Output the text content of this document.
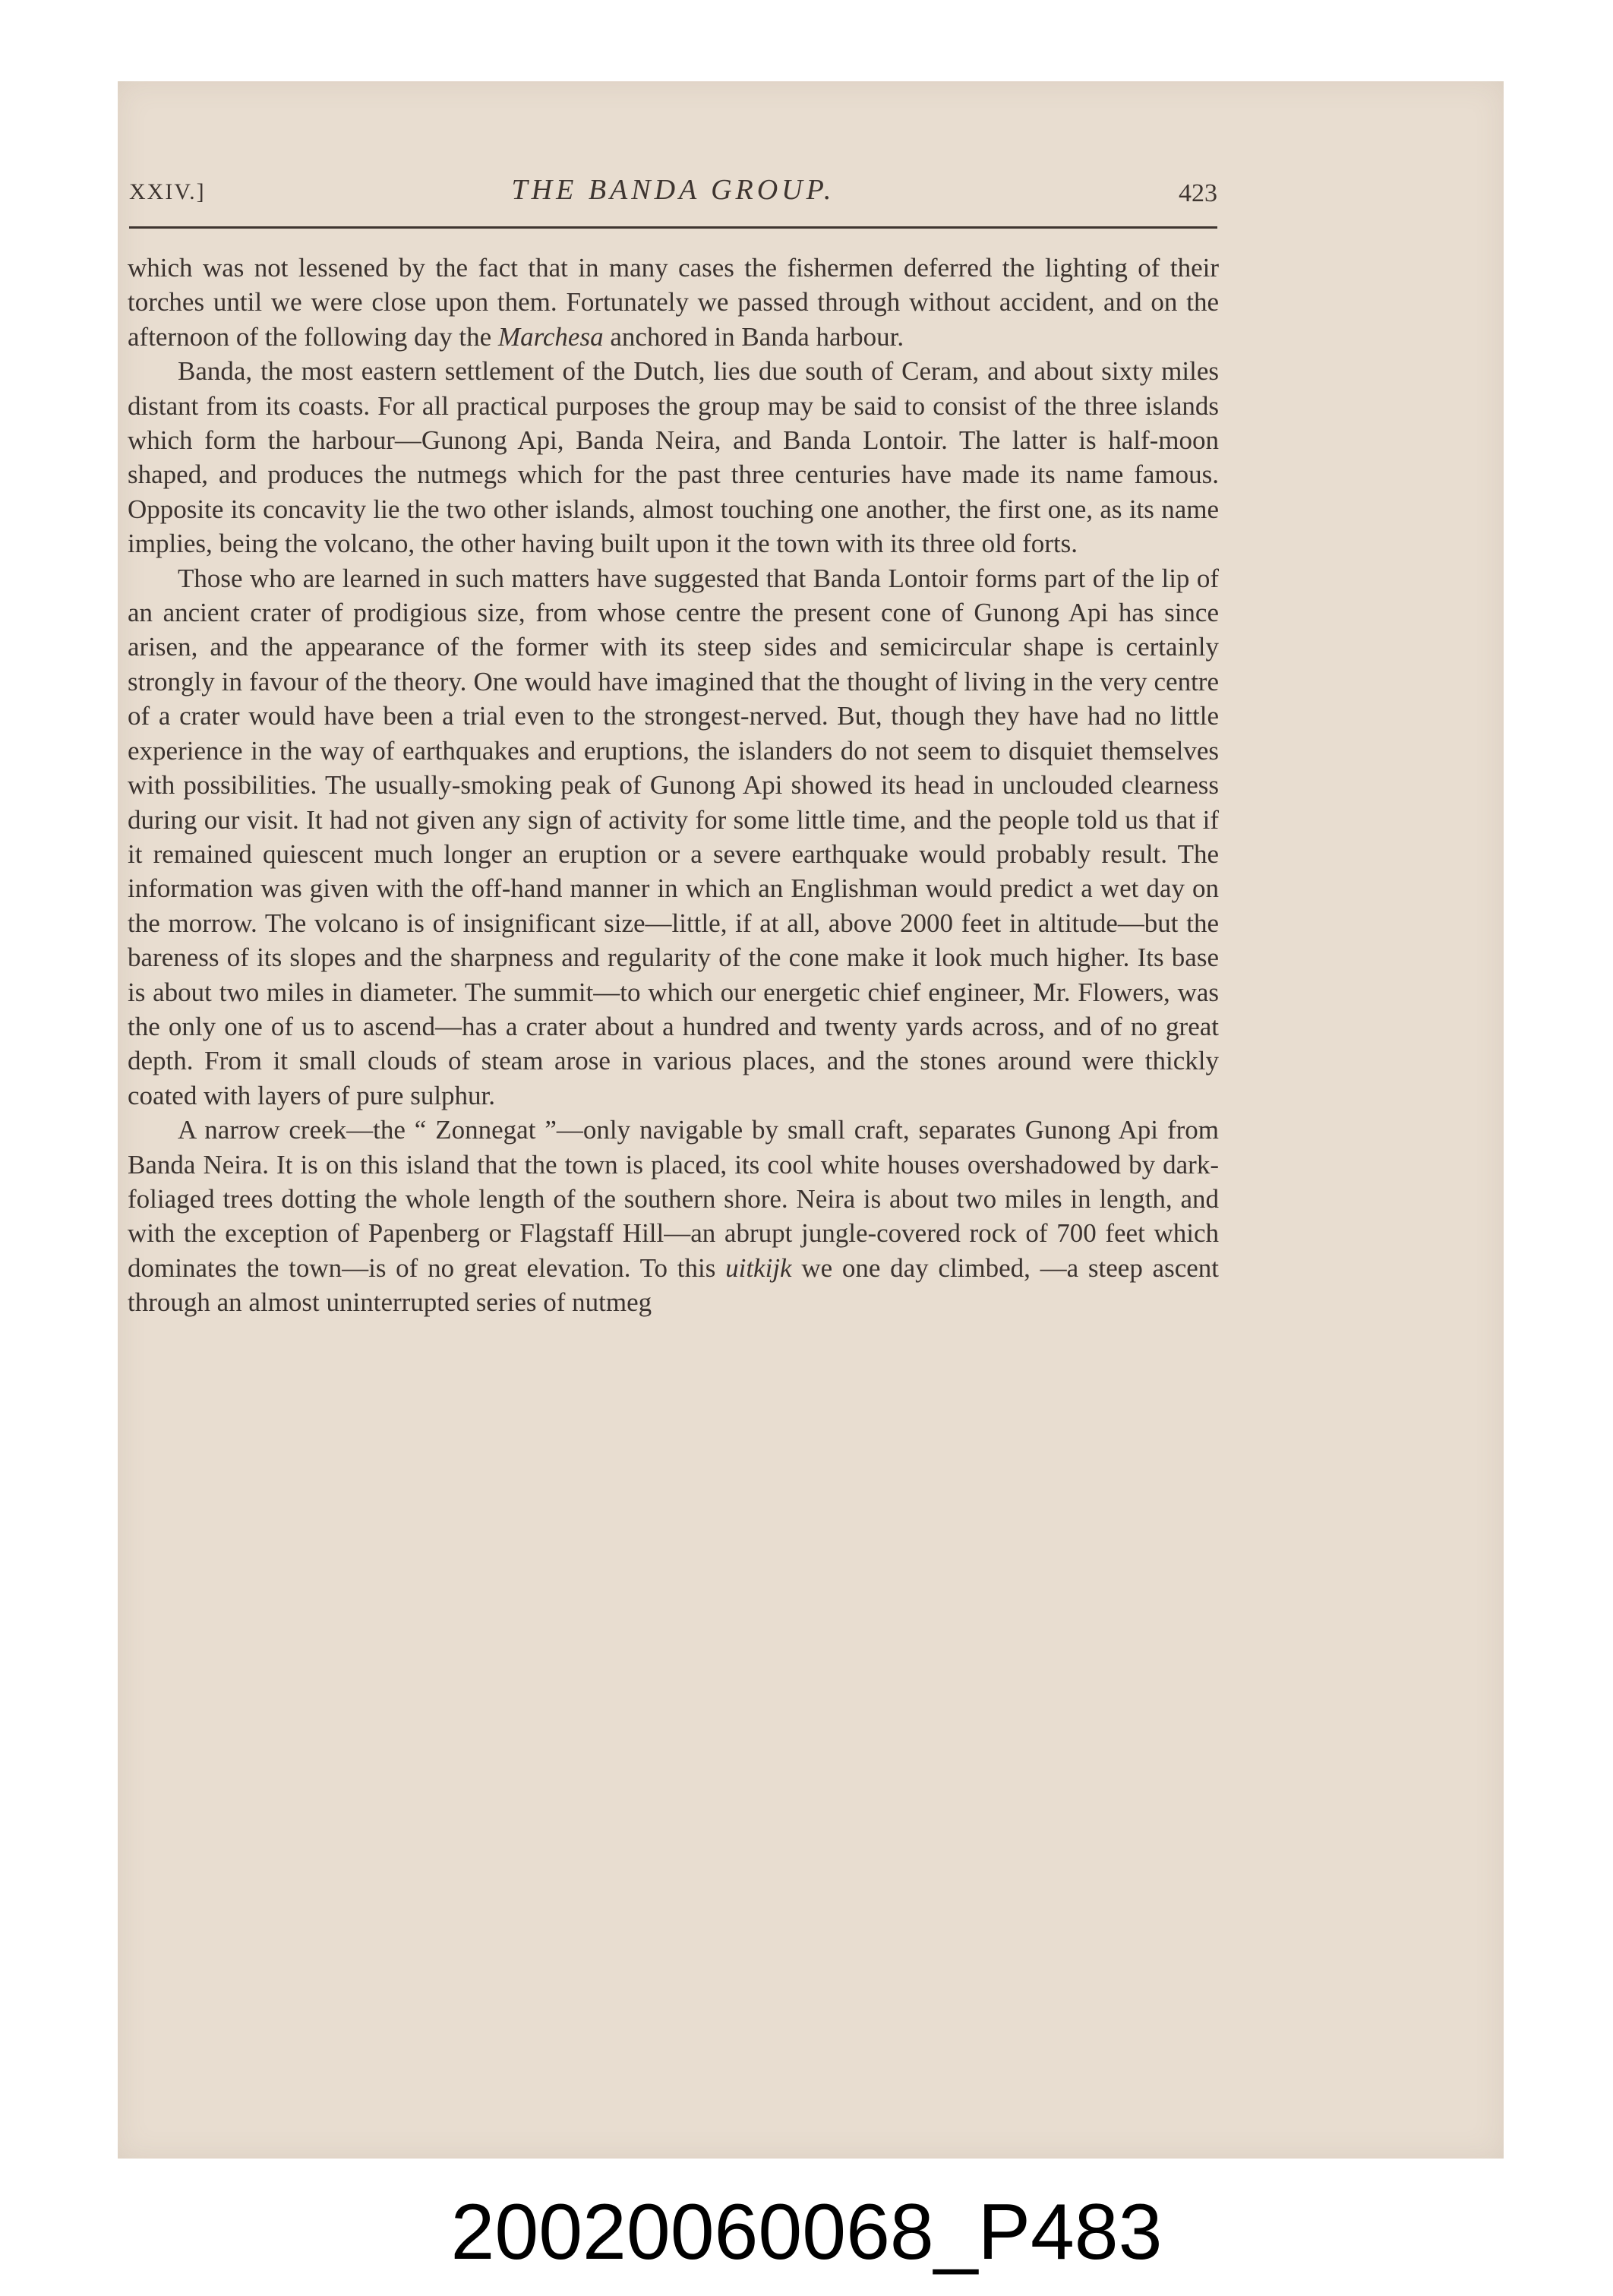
XXIV.]	THE BANDA GROUP.	423

which was not lessened by the fact that in many cases the fishermen deferred the lighting of their torches until we were close upon them. Fortunately we passed through without accident, and on the afternoon of the following day the Marchesa anchored in Banda harbour.

Banda, the most eastern settlement of the Dutch, lies due south of Ceram, and about sixty miles distant from its coasts. For all practical purposes the group may be said to consist of the three islands which form the harbour—Gunong Api, Banda Neira, and Banda Lontoir. The latter is half-moon shaped, and produces the nutmegs which for the past three centuries have made its name famous. Opposite its concavity lie the two other islands, almost touching one another, the first one, as its name implies, being the volcano, the other having built upon it the town with its three old forts.

Those who are learned in such matters have suggested that Banda Lontoir forms part of the lip of an ancient crater of prodigious size, from whose centre the present cone of Gunong Api has since arisen, and the appearance of the former with its steep sides and semicircular shape is certainly strongly in favour of the theory. One would have imagined that the thought of living in the very centre of a crater would have been a trial even to the strongest-nerved. But, though they have had no little experience in the way of earthquakes and eruptions, the islanders do not seem to disquiet themselves with possibilities. The usually-smoking peak of Gunong Api showed its head in unclouded clearness during our visit. It had not given any sign of activity for some little time, and the people told us that if it remained quiescent much longer an eruption or a severe earthquake would probably result. The information was given with the off-hand manner in which an Englishman would predict a wet day on the morrow. The volcano is of insignificant size—little, if at all, above 2000 feet in altitude—but the bareness of its slopes and the sharpness and regularity of the cone make it look much higher. Its base is about two miles in diameter. The summit—to which our energetic chief engineer, Mr. Flowers, was the only one of us to ascend—has a crater about a hundred and twenty yards across, and of no great depth. From it small clouds of steam arose in various places, and the stones around were thickly coated with layers of pure sulphur.

A narrow creek—the “ Zonnegat ”—only navigable by small craft, separates Gunong Api from Banda Neira. It is on this island that the town is placed, its cool white houses overshadowed by dark-foliaged trees dotting the whole length of the southern shore. Neira is about two miles in length, and with the exception of Papenberg or Flagstaff Hill—an abrupt jungle-covered rock of 700 feet which dominates the town—is of no great elevation. To this uitkijk we one day climbed, —a steep ascent through an almost uninterrupted series of nutmeg

20020060068_P483
